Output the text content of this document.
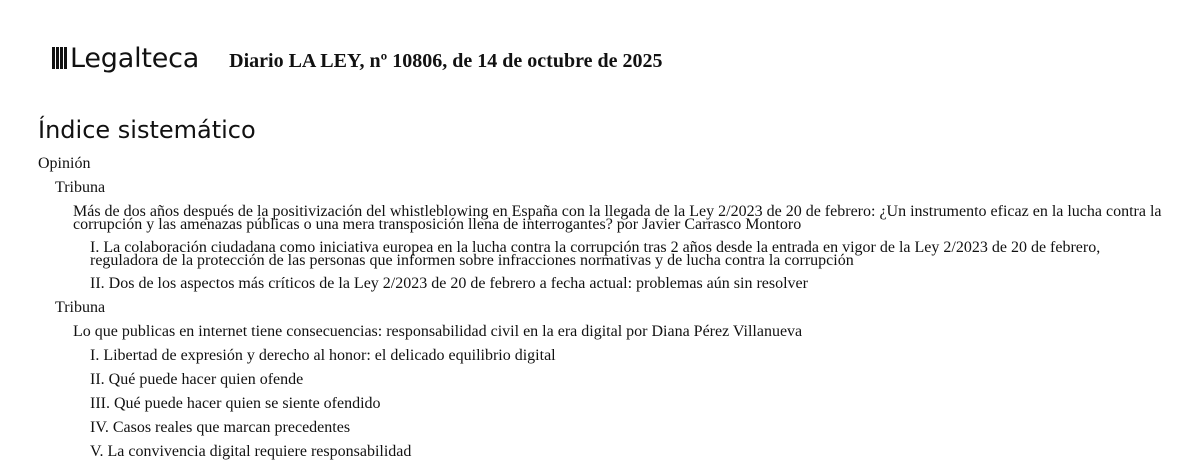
Legalteca Diario LA LEY, nº 10806, de 14 de octubre de 2025
Índice sistemático
Opinión
Tribuna
Más de dos años después de la positivización del whistleblowing en España con la llegada de la Ley 2/2023 de 20 de febrero: ¿Un instrumento eficaz en la lucha contra la corrupción y las amenazas públicas o una mera transposición llena de interrogantes? por Javier Carrasco Montoro
I. La colaboración ciudadana como iniciativa europea en la lucha contra la corrupción tras 2 años desde la entrada en vigor de la Ley 2/2023 de 20 de febrero, reguladora de la protección de las personas que informen sobre infracciones normativas y de lucha contra la corrupción
II. Dos de los aspectos más críticos de la Ley 2/2023 de 20 de febrero a fecha actual: problemas aún sin resolver
Tribuna
Lo que publicas en internet tiene consecuencias: responsabilidad civil en la era digital por Diana Pérez Villanueva
I. Libertad de expresión y derecho al honor: el delicado equilibrio digital
II. Qué puede hacer quien ofende
III. Qué puede hacer quien se siente ofendido
IV. Casos reales que marcan precedentes
V. La convivencia digital requiere responsabilidad
